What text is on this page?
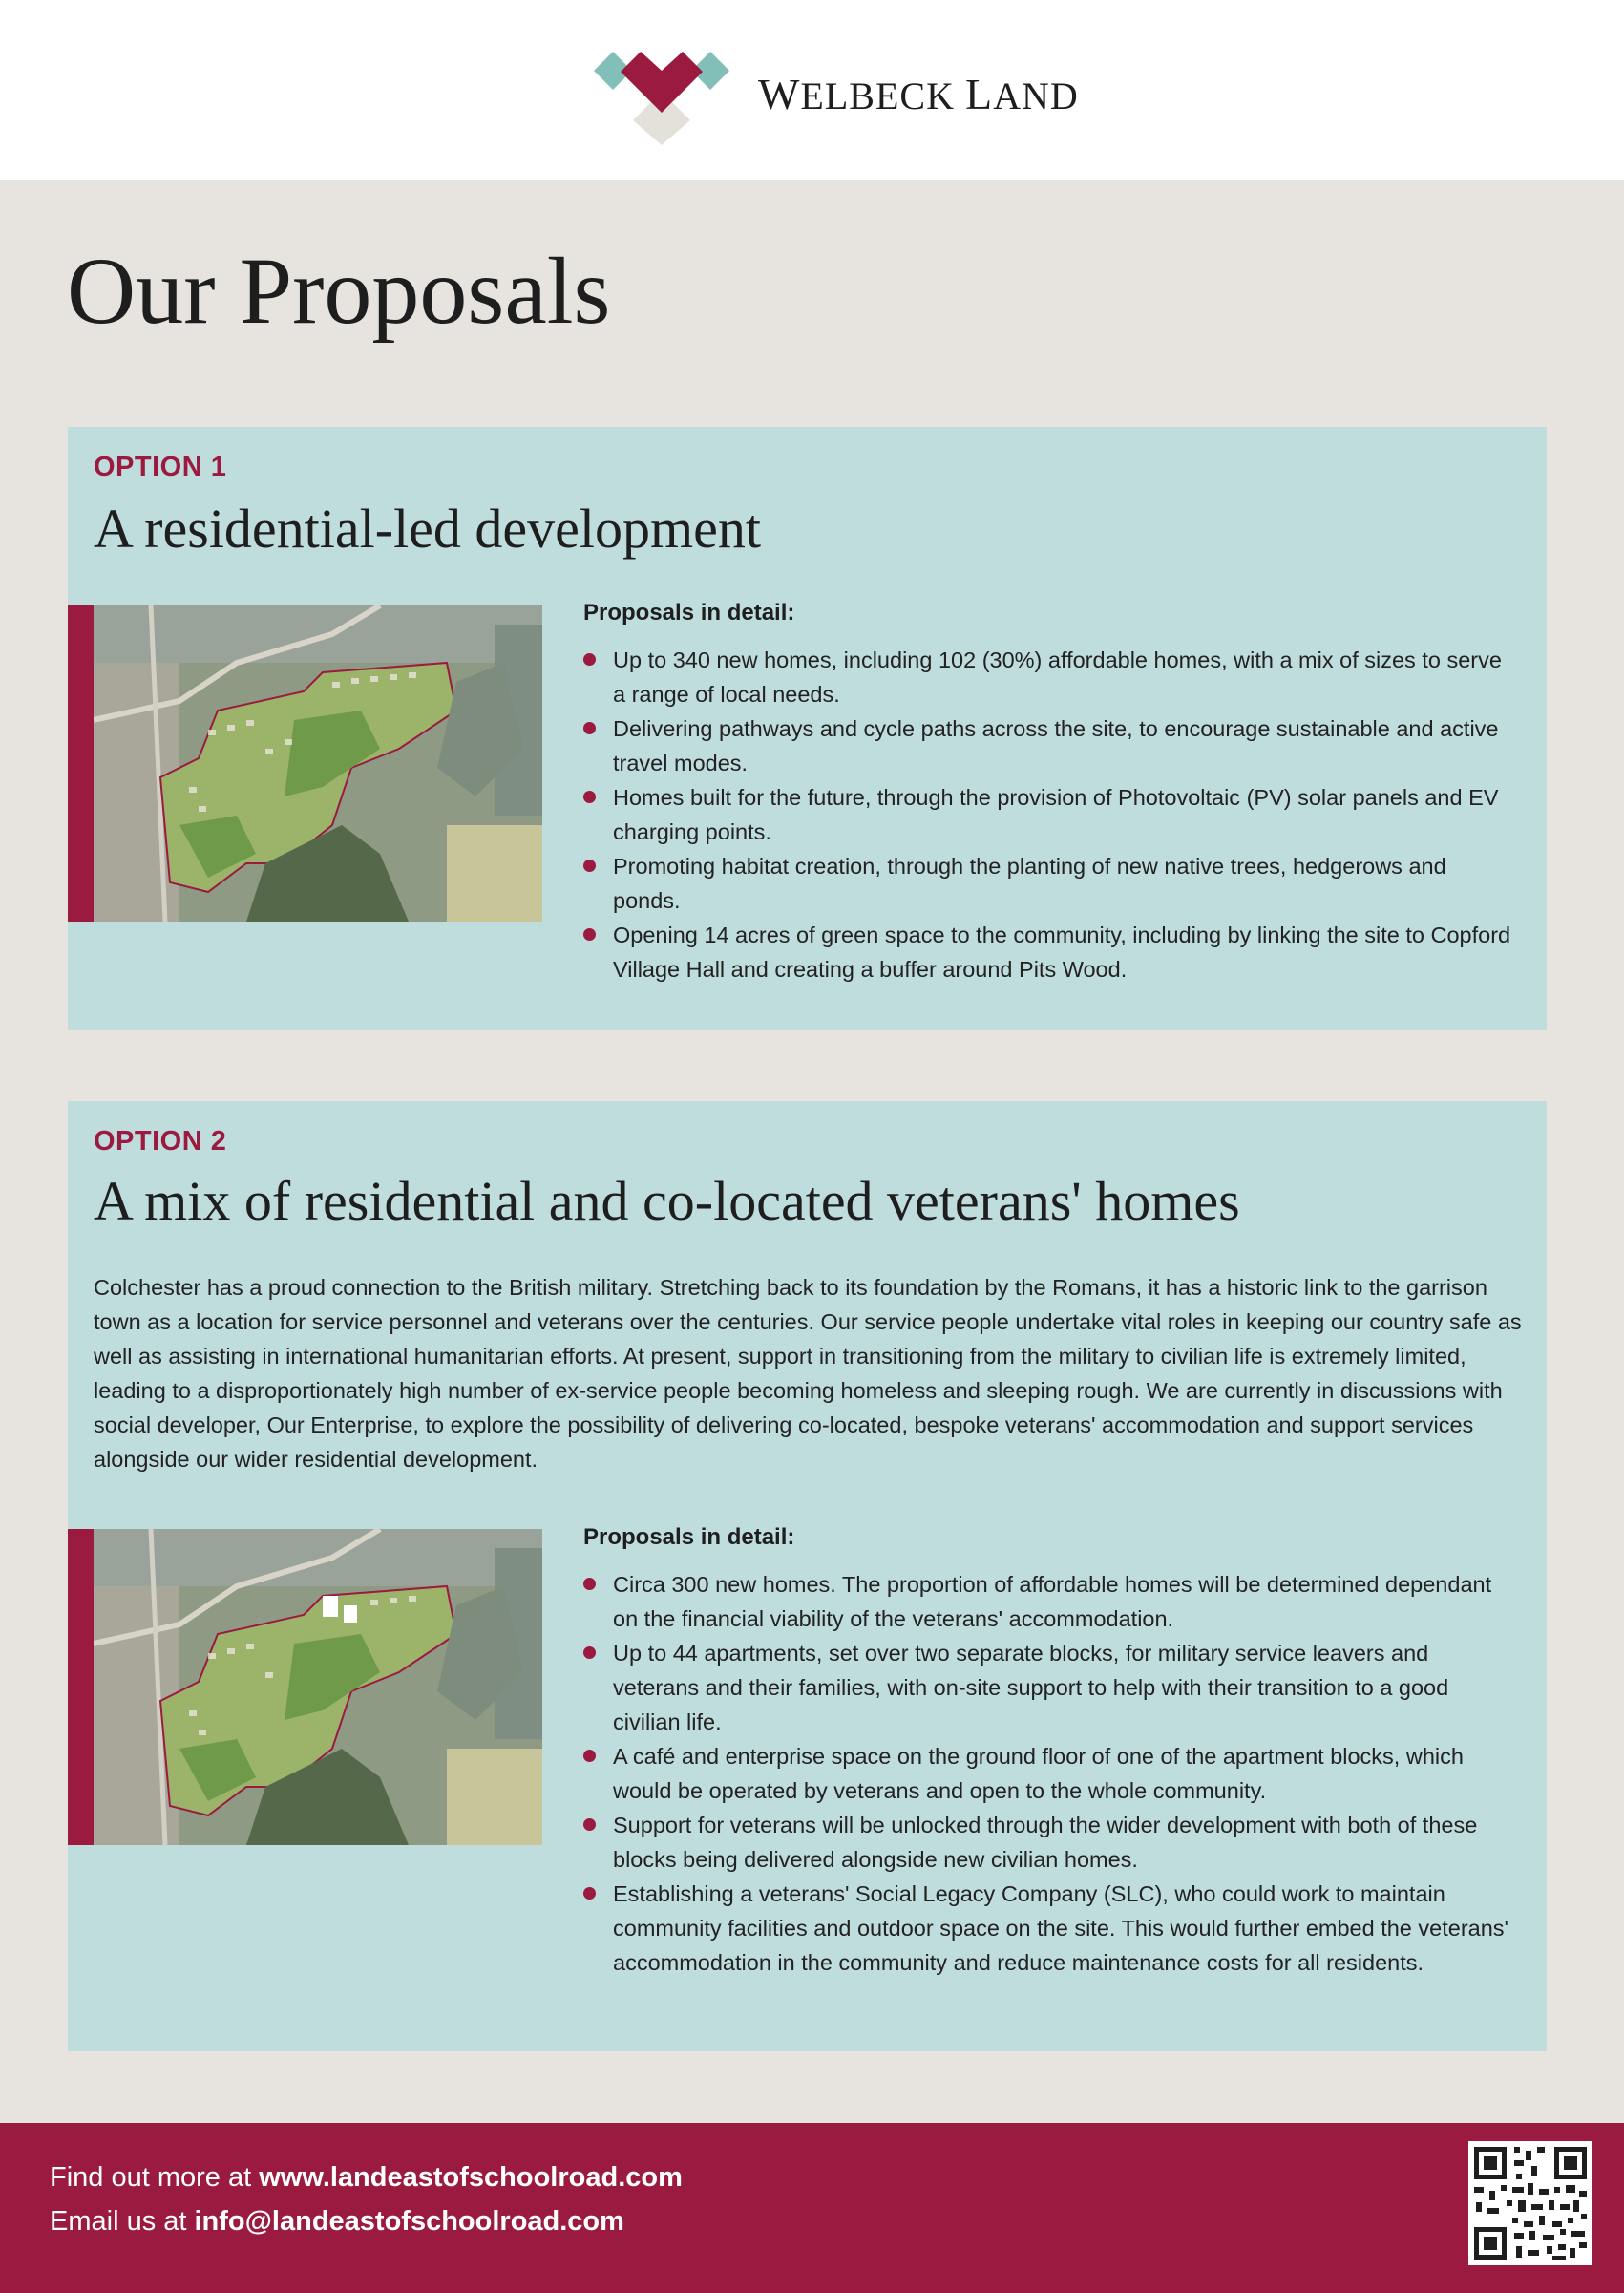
WELBECK LAND
Our Proposals
OPTION 1
A residential-led development
Proposals in detail:
Up to 340 new homes, including 102 (30%) affordable homes, with a mix of sizes to serve a range of local needs.
Delivering pathways and cycle paths across the site, to encourage sustainable and active travel modes.
Homes built for the future, through the provision of Photovoltaic (PV) solar panels and EV charging points.
Promoting habitat creation, through the planting of new native trees, hedgerows and ponds.
Opening 14 acres of green space to the community, including by linking the site to Copford Village Hall and creating a buffer around Pits Wood.
OPTION 2
A mix of residential and co-located veterans' homes

Colchester has a proud connection to the British military. Stretching back to its foundation by the Romans, it has a historic link to the garrison town as a location for service personnel and veterans over the centuries. Our service people undertake vital roles in keeping our country safe as well as assisting in international humanitarian efforts. At present, support in transitioning from the military to civilian life is extremely limited, leading to a disproportionately high number of ex-service people becoming homeless and sleeping rough. We are currently in discussions with social developer, Our Enterprise, to explore the possibility of delivering co-located, bespoke veterans' accommodation and support services alongside our wider residential development.

Proposals in detail:
Circa 300 new homes. The proportion of affordable homes will be determined dependant on the financial viability of the veterans' accommodation.
Up to 44 apartments, set over two separate blocks, for military service leavers and veterans and their families, with on-site support to help with their transition to a good civilian life.
A café and enterprise space on the ground floor of one of the apartment blocks, which would be operated by veterans and open to the whole community.
Support for veterans will be unlocked through the wider development with both of these blocks being delivered alongside new civilian homes.
Establishing a veterans' Social Legacy Company (SLC), who could work to maintain community facilities and outdoor space on the site. This would further embed the veterans' accommodation in the community and reduce maintenance costs for all residents.
Find out more at www.landeastofschoolroad.com
Email us at info@landeastofschoolroad.com
